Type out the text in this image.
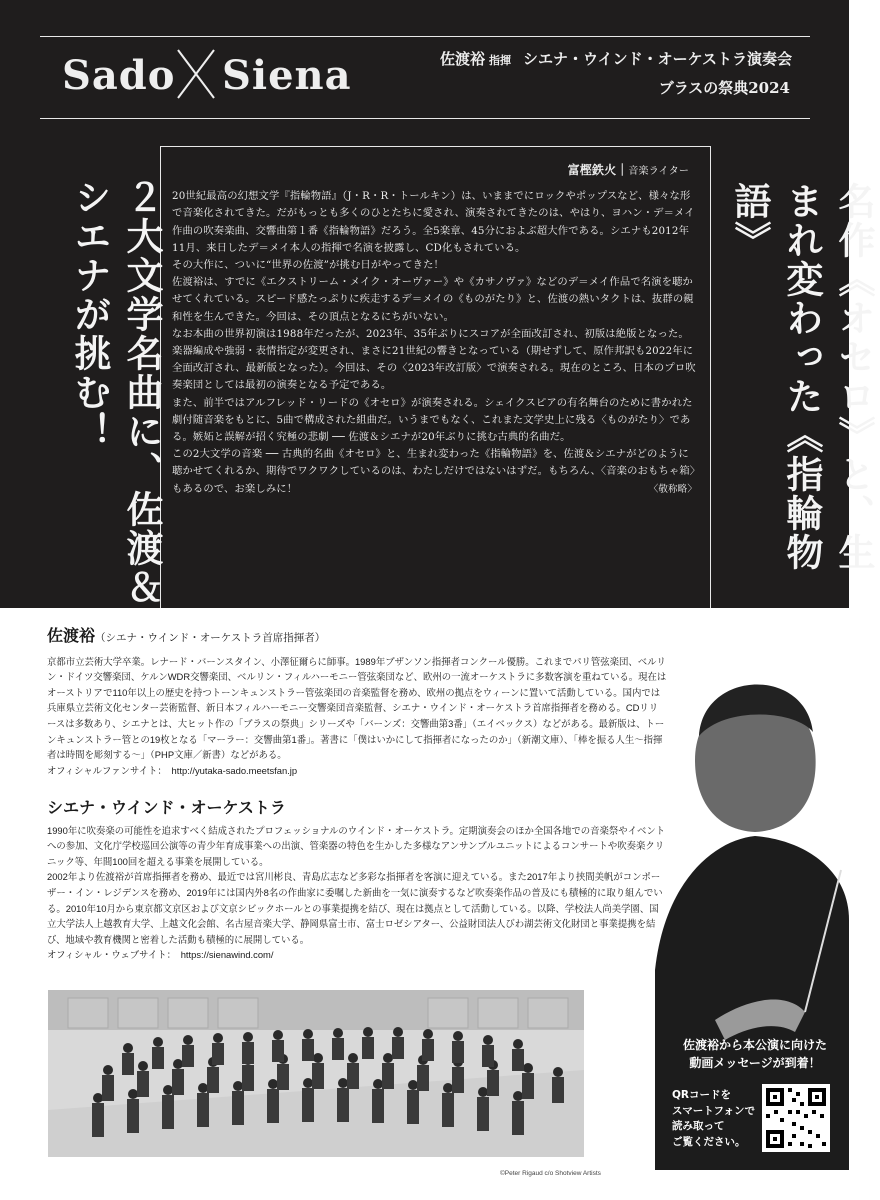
Sado Siena	佐渡裕 指揮 シエナ・ウインド・オーケストラ演奏会
ブラスの祭典2024
２大文学名曲に、佐渡＆シエナが挑む！	名作《オセロ》と、生まれ変わった《指輪物語》
富樫鉄火｜音楽ライター

20世紀最高の幻想文学『指輪物語』（J・R・R・トールキン）は、いままでにロックやポップスなど、様々な形で音楽化されてきた。だがもっとも多くのひとたちに愛され、演奏されてきたのは、やはり、ヨハン・デ＝メイ作曲の吹奏楽曲、交響曲第１番《指輪物語》だろう。全5楽章、45分におよぶ超大作である。シエナも2012年11月、来日したデ＝メイ本人の指揮で名演を披露し、CD化もされている。

その大作に、ついに“世界の佐渡”が挑む日がやってきた！

佐渡裕は、すでに《エクストリーム・メイク・オーヴァー》や《カサノヴァ》などのデ＝メイ作品で名演を聴かせてくれている。スピード感たっぷりに疾走するデ＝メイの《ものがたり》と、佐渡の熱いタクトは、抜群の親和性を生んできた。今回は、その頂点となるにちがいない。

なお本曲の世界初演は1988年だったが、2023年、35年ぶりにスコアが全面改訂され、初版は絶版となった。楽器編成や強弱・表情指定が変更され、まさに21世紀の響きとなっている（期せずして、原作邦訳も2022年に全面改訂され、最新版となった）。今回は、その〈2023年改訂版〉で演奏される。現在のところ、日本のプロ吹奏楽団としては最初の演奏となる予定である。

また、前半ではアルフレッド・リードの《オセロ》が演奏される。シェイクスピアの有名舞台のために書かれた劇付随音楽をもとに、5曲で構成された組曲だ。いうまでもなく、これまた文学史上に残る〈ものがたり〉である。嫉妬と誤解が招く究極の悲劇 ── 佐渡＆シエナが20年ぶりに挑む古典的名曲だ。

この2大文学の音楽 ── 古典的名曲《オセロ》と、生まれ変わった《指輪物語》を、佐渡＆シエナがどのように聴かせてくれるか、期待でワクワクしているのは、わたしだけではないはずだ。もちろん、〈音楽のおもちゃ箱〉もあるので、お楽しみに！	〈敬称略〉

佐渡裕（シエナ・ウインド・オーケストラ首席指揮者）

京都市立芸術大学卒業。レナード・バーンスタイン、小澤征爾らに師事。1989年ブザンソン指揮者コンクール優勝。これまでパリ管弦楽団、ベルリン・ドイツ交響楽団、ケルンWDR交響楽団、ベルリン・フィルハーモニー管弦楽団など、欧州の一流オーケストラに多数客演を重ねている。現在はオーストリアで110年以上の歴史を持つトーンキュンストラー管弦楽団の音楽監督を務め、欧州の拠点をウィーンに置いて活動している。国内では兵庫県立芸術文化センター芸術監督、新日本フィルハーモニー交響楽団音楽監督、シエナ・ウインド・オーケストラ首席指揮者を務める。CDリリースは多数あり、シエナとは、大ヒット作の「ブラスの祭典」シリーズや「バーンズ：交響曲第3番」（エイベックス）などがある。最新版は、トーンキュンストラー管との19枚となる「マーラー：交響曲第1番」。著書に「僕はいかにして指揮者になったのか」（新潮文庫）、「棒を振る人生〜指揮者は時間を彫刻する〜」（PHP文庫／新書）などがある。

オフィシャルファンサイト：　 http://yutaka-sado.meetsfan.jp

シエナ・ウインド・オーケストラ

1990年に吹奏楽の可能性を追求すべく結成されたプロフェッショナルのウインド・オーケストラ。定期演奏会のほか全国各地での音楽祭やイベントへの参加、文化庁学校巡回公演等の青少年育成事業への出演、管楽器の特色を生かした多様なアンサンブルユニットによるコンサートや吹奏楽クリニック等、年間100回を超える事業を展開している。

2002年より佐渡裕が首席指揮者を務め、最近では宮川彬良、青島広志など多彩な指揮者を客演に迎えている。また2017年より挟間美帆がコンポーザー・イン・レジデンスを務め、2019年には国内外8名の作曲家に委嘱した新曲を一気に演奏するなど吹奏楽作品の普及にも積極的に取り組んでいる。2010年10月から東京都文京区および文京シビックホールとの事業提携を結び、現在は拠点として活動している。以降、学校法人尚美学園、国立大学法人上越教育大学、上越文化会館、名古屋音楽大学、静岡県富士市、富士ロゼシアター、公益財団法人びわ湖芸術文化財団と事業提携を結び、地域や教育機関と密着した活動も積極的に展開している。

オフィシャル・ウェブサイト：　 https://sienawind.com/

佐渡裕から本公演に向けた
動画メッセージが到着！
QRコードを
スマートフォンで
読み取って
ご覧ください。
©Peter Rigaud c/o Shotview Artists
